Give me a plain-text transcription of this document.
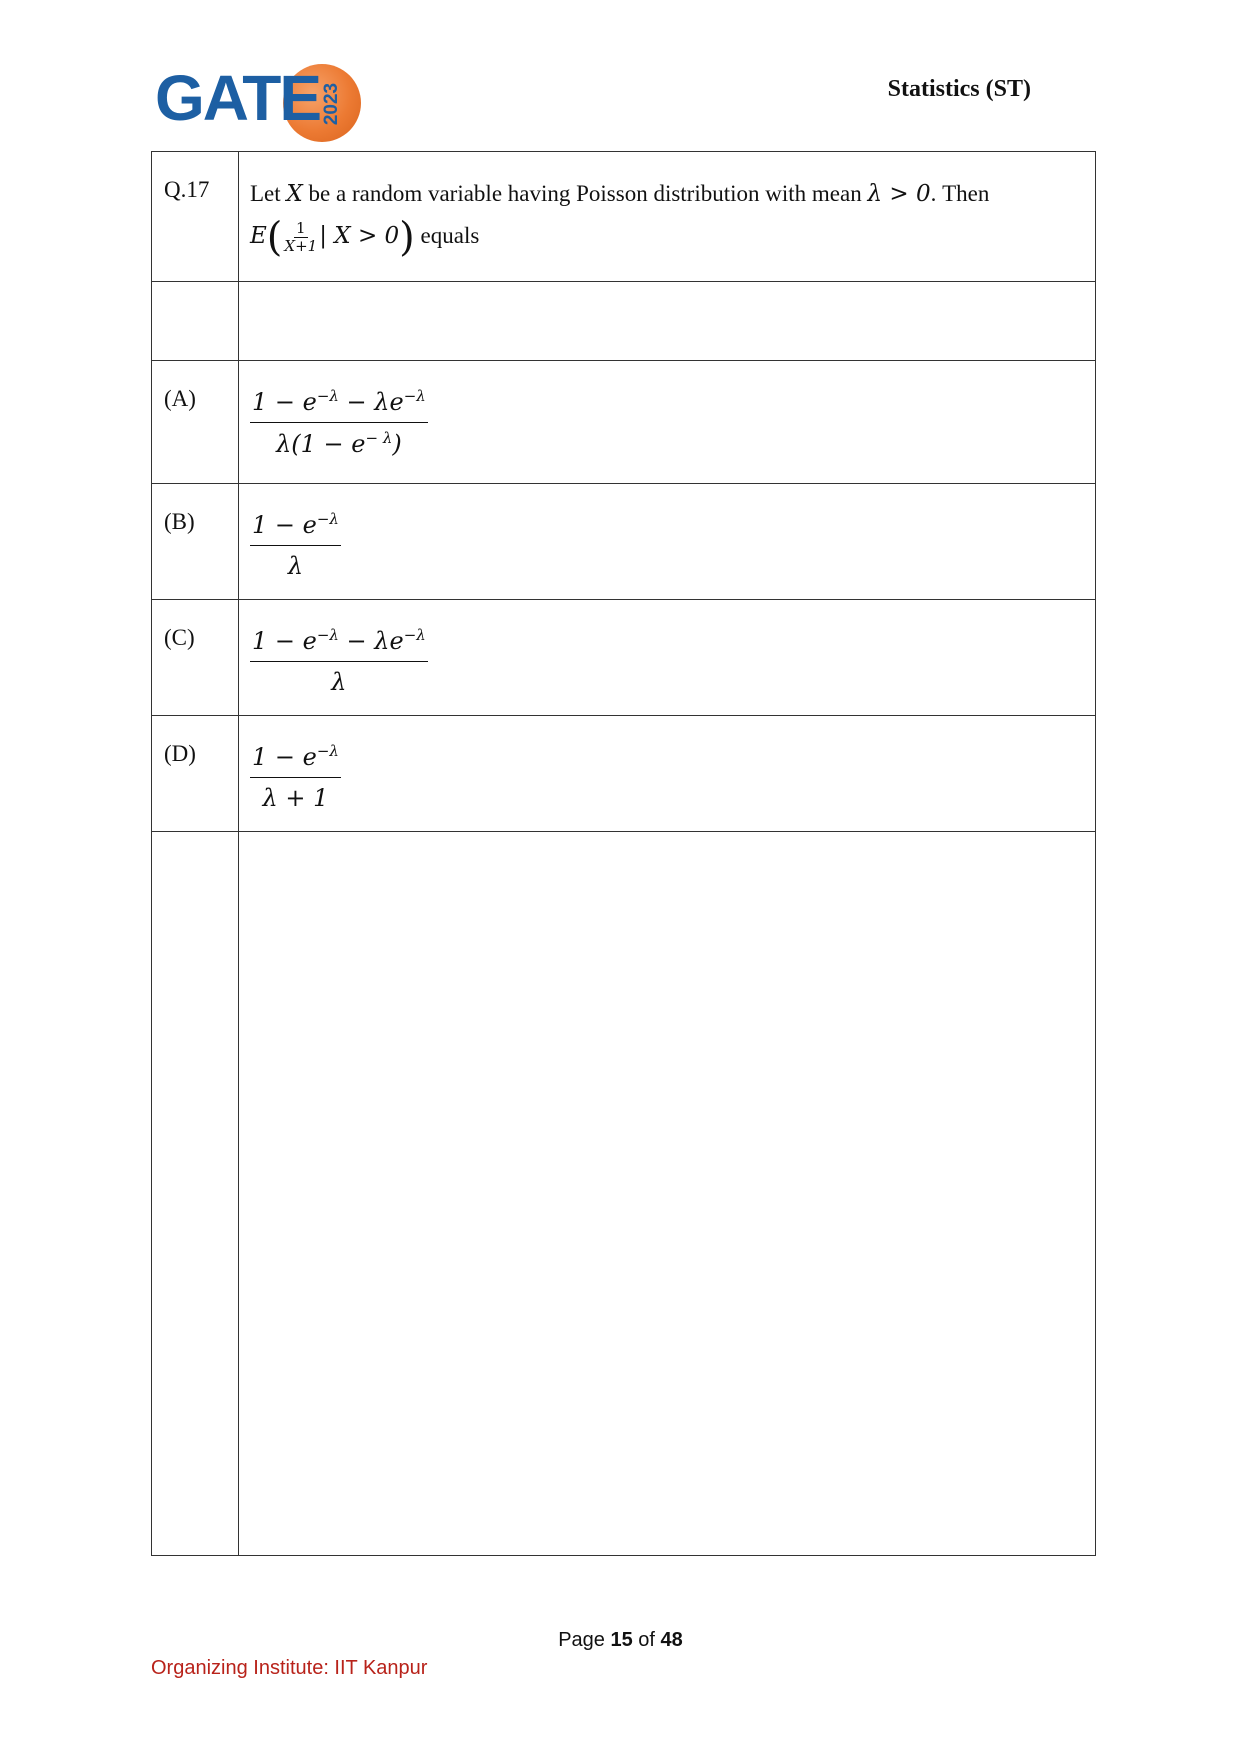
GATE 2023	Statistics (ST)
Q.17	Let X be a random variable having Poisson distribution with mean λ > 0. Then
$E( \frac{1}{X+1}$ | X > 0) equals

(A)	$\frac{1 - e^{-\lambda} - \lambda e^{-\lambda}}{\lambda(1 - e^{- \lambda})}$

(B)	$\frac{1 - e^{-\lambda}}{\lambda}$

(C)	$\frac{1 - e^{-\lambda} - \lambda e^{-\lambda}}{\lambda}$

(D)	$\frac{1 - e^{-\lambda}}{\lambda + 1}$

Page 15 of 48
Organizing Institute: IIT Kanpur
